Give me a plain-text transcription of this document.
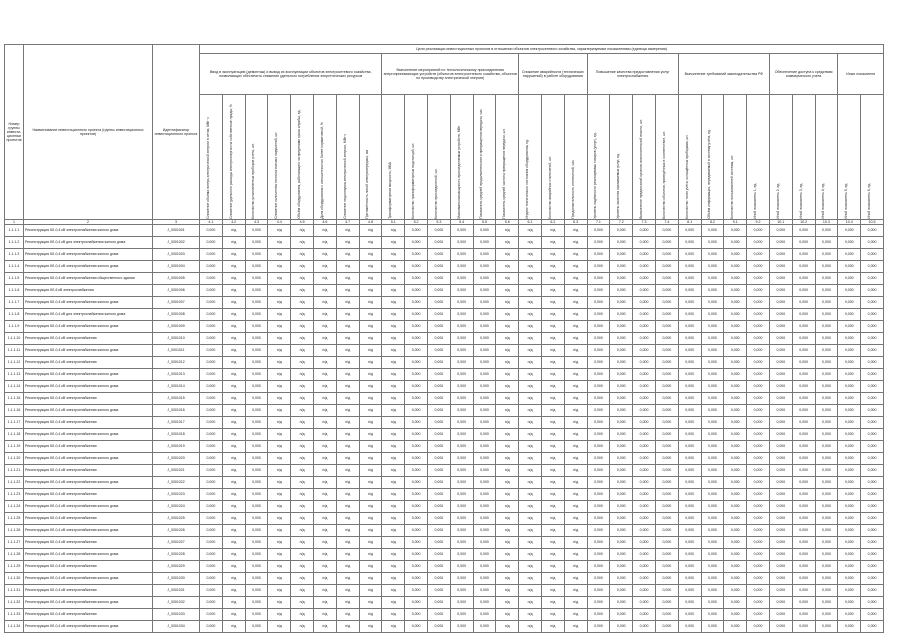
Номер группы инвести-ционных проектов	Наименование инвестиционного проекта (группы инвестиционных проектов)	Идентификатор инвестиционного проекта	Цели реализации инвестиционных проектов в отношении объектов электросетевого хозяйства, характеризуемые показателями (единица измерения)																													
			Ввод в эксплуатацию (демонтаж) и вывод из эксплуатации объектов электросетевого хозяйства, позволяющих обеспечить снижение удельного потребления энергетических ресурсов								Выполнение мероприятий по технологическому присоединению энергопринимающих устройств (объектов электросетевого хозяйства, объектов по производству электрической энергии)						Снижение аварийности (технических нарушений) в работе оборудования			Повышение качества предоставления услуг электроснабжения				Выполнение требований законодательства РФ				Обеспечение доступа к средствам коммерческого учета			Иные показатели	

			Снижение объёма потерь электрической энергии в сетях, МВт·ч	Снижение удельного расхода электроэнергии на собственные нужды, %	Количество установленных приборов учета, шт.	Снижение количества технологических нарушений, шт.	Объём оборудования, работающего за пределами срока службы, ед.	Доля оборудования с изношенностью более нормативной, %	Снижение недоотпуска электрической энергии, МВт·ч	Протяжённость линий электропередачи, км	Трансформаторная мощность, МВА	Количество трансформаторных подстанций, шт.	Количество присоединений, шт.	Максимальная мощность присоединяемых устройств, МВт	Показатель средней продолжительности прекращения передачи, час	Показатель средней частоты прекращения передачи, шт.	Индекс технического состояния оборудования, ед.	Количество аварийных отключений, шт.	Продолжительность отключений, час	Уровень надёжности реализуемых товаров (услуг), ед.	Уровень качества оказываемых услуг, ед.	Выполнение предписаний органов исполнительной власти, шт.	Количество объектов, приведённых в соответствие, шт.	Количество точек учёта, оснащённых приборами, шт.	Объём информации, передаваемой в систему учёта, ед.	Количество пользователей системы, шт.	Иной показатель 1, ед.	Иной показатель 2, ед.	Иной показатель 3, ед.	Иной показатель 4, ед.	Иной показатель 5, ед.	Иной показатель 6, ед.

1	2	3	4.1	4.2	4.3	4.4	4.5	4.6	4.7	4.8	5.1	5.2	5.3	5.4	5.5	5.6	6.1	6.2	6.3	7.1	7.2	7.3	7.4	8.1	8.2	9.1	9.2	10.1	10.2	10.3	10.4	10.5
1.1.1.1	Реконструкция КЛ-0,4 кВ электроснабжения жилого дома	J_0001001	0,000	н/д	0,000	н/д	н/д	н/д	н/д	н/д	н/д	0,000	0,000	0,000	0,000	н/д	н/д	н/д	н/д	0,000	0,000	0,000	0,000	0,000	0,000	0,000	0,000	0,000	0,000	0,000	0,000	0,000
1.1.1.2	Реконструкция КЛ-0,4 кВ для электроснабжения жилого дома	J_0001002	0,000	н/д	0,000	н/д	н/д	н/д	н/д	н/д	н/д	0,000	0,000	0,000	0,000	н/д	н/д	н/д	н/д	0,000	0,000	0,000	0,000	0,000	0,000	0,000	0,000	0,000	0,000	0,000	0,000	0,000
1.1.1.3	Реконструкция КЛ-0,4 кВ электроснабжения жилого дома	J_0001003	0,000	н/д	0,000	н/д	н/д	н/д	н/д	н/д	н/д	0,000	0,000	0,000	0,000	н/д	н/д	н/д	н/д	0,000	0,000	0,000	0,000	0,000	0,000	0,000	0,000	0,000	0,000	0,000	0,000	0,000
1.1.1.4	Реконструкция КЛ-0,4 кВ электроснабжения жилого дома	J_0001004	0,000	н/д	0,000	н/д	н/д	н/д	н/д	н/д	н/д	0,000	0,000	0,000	0,000	н/д	н/д	н/д	н/д	0,000	0,000	0,000	0,000	0,000	0,000	0,000	0,000	0,000	0,000	0,000	0,000	0,000
1.1.1.5	Реконструкция КЛ-0,4 кВ электроснабжения общественного здания	J_0001005	0,000	н/д	0,000	н/д	н/д	н/д	н/д	н/д	н/д	0,000	0,000	0,000	0,000	н/д	н/д	н/д	н/д	0,000	0,000	0,000	0,000	0,000	0,000	0,000	0,000	0,000	0,000	0,000	0,000	0,000
1.1.1.6	Реконструкция КЛ-6 кВ электроснабжения	J_0001006	0,000	н/д	0,000	н/д	н/д	н/д	н/д	н/д	н/д	0,000	0,000	0,000	0,000	н/д	н/д	н/д	н/д	0,000	0,000	0,000	0,000	0,000	0,000	0,000	0,000	0,000	0,000	0,000	0,000	0,000
1.1.1.7	Реконструкция КЛ-0,4 кВ электроснабжения жилого дома	J_0001007	0,000	н/д	0,000	н/д	н/д	н/д	н/д	н/д	н/д	0,000	0,000	0,000	0,000	н/д	н/д	н/д	н/д	0,000	0,000	0,000	0,000	0,000	0,000	0,000	0,000	0,000	0,000	0,000	0,000	0,000
1.1.1.8	Реконструкция КЛ-0,4 кВ для электроснабжения жилого дома	J_0001008	0,000	н/д	0,000	н/д	н/д	н/д	н/д	н/д	н/д	0,000	0,000	0,000	0,000	н/д	н/д	н/д	н/д	0,000	0,000	0,000	0,000	0,000	0,000	0,000	0,000	0,000	0,000	0,000	0,000	0,000
1.1.1.9	Реконструкция КЛ-0,4 кВ электроснабжения жилого дома	J_0001009	0,000	н/д	0,000	н/д	н/д	н/д	н/д	н/д	н/д	0,000	0,000	0,000	0,000	н/д	н/д	н/д	н/д	0,000	0,000	0,000	0,000	0,000	0,000	0,000	0,000	0,000	0,000	0,000	0,000	0,000
1.1.1.10	Реконструкция КЛ-0,4 кВ электроснабжения	J_0001010	0,000	н/д	0,000	н/д	н/д	н/д	н/д	н/д	н/д	0,000	0,000	0,000	0,000	н/д	н/д	н/д	н/д	0,000	0,000	0,000	0,000	0,000	0,000	0,000	0,000	0,000	0,000	0,000	0,000	0,000
1.1.1.11	Реконструкция КЛ-0,4 кВ электроснабжения жилого дома	J_0001011	0,000	н/д	0,000	н/д	н/д	н/д	н/д	н/д	н/д	0,000	0,000	0,000	0,000	н/д	н/д	н/д	н/д	0,000	0,000	0,000	0,000	0,000	0,000	0,000	0,000	0,000	0,000	0,000	0,000	0,000
1.1.1.12	Реконструкция КЛ-0,4 кВ электроснабжения	J_0001012	0,000	н/д	0,000	н/д	н/д	н/д	н/д	н/д	н/д	0,000	0,000	0,000	0,000	н/д	н/д	н/д	н/д	0,000	0,000	0,000	0,000	0,000	0,000	0,000	0,000	0,000	0,000	0,000	0,000	0,000
1.1.1.13	Реконструкция КЛ-0,4 кВ электроснабжения жилого дома	J_0001013	0,000	н/д	0,000	н/д	н/д	н/д	н/д	н/д	н/д	0,000	0,000	0,000	0,000	н/д	н/д	н/д	н/д	0,000	0,000	0,000	0,000	0,000	0,000	0,000	0,000	0,000	0,000	0,000	0,000	0,000
1.1.1.14	Реконструкция КЛ-0,4 кВ электроснабжения жилого дома	J_0001014	0,000	н/д	0,000	н/д	н/д	н/д	н/д	н/д	н/д	0,000	0,000	0,000	0,000	н/д	н/д	н/д	н/д	0,000	0,000	0,000	0,000	0,000	0,000	0,000	0,000	0,000	0,000	0,000	0,000	0,000
1.1.1.15	Реконструкция КЛ-0,4 кВ электроснабжения	J_0001015	0,000	н/д	0,000	н/д	н/д	н/д	н/д	н/д	н/д	0,000	0,000	0,000	0,000	н/д	н/д	н/д	н/д	0,000	0,000	0,000	0,000	0,000	0,000	0,000	0,000	0,000	0,000	0,000	0,000	0,000
1.1.1.16	Реконструкция КЛ-0,4 кВ электроснабжения жилого дома	J_0001016	0,000	н/д	0,000	н/д	н/д	н/д	н/д	н/д	н/д	0,000	0,000	0,000	0,000	н/д	н/д	н/д	н/д	0,000	0,000	0,000	0,000	0,000	0,000	0,000	0,000	0,000	0,000	0,000	0,000	0,000
1.1.1.17	Реконструкция КЛ-0,4 кВ электроснабжения	J_0001017	0,000	н/д	0,000	н/д	н/д	н/д	н/д	н/д	н/д	0,000	0,000	0,000	0,000	н/д	н/д	н/д	н/д	0,000	0,000	0,000	0,000	0,000	0,000	0,000	0,000	0,000	0,000	0,000	0,000	0,000
1.1.1.18	Реконструкция КЛ-0,4 кВ электроснабжения жилого дома	J_0001018	0,000	н/д	0,000	н/д	н/д	н/д	н/д	н/д	н/д	0,000	0,000	0,000	0,000	н/д	н/д	н/д	н/д	0,000	0,000	0,000	0,000	0,000	0,000	0,000	0,000	0,000	0,000	0,000	0,000	0,000
1.1.1.19	Реконструкция КЛ-0,4 кВ электроснабжения	J_0001019	0,000	н/д	0,000	н/д	н/д	н/д	н/д	н/д	н/д	0,000	0,000	0,000	0,000	н/д	н/д	н/д	н/д	0,000	0,000	0,000	0,000	0,000	0,000	0,000	0,000	0,000	0,000	0,000	0,000	0,000
1.1.1.20	Реконструкция КЛ-0,4 кВ электроснабжения жилого дома	J_0001020	0,000	н/д	0,000	н/д	н/д	н/д	н/д	н/д	н/д	0,000	0,000	0,000	0,000	н/д	н/д	н/д	н/д	0,000	0,000	0,000	0,000	0,000	0,000	0,000	0,000	0,000	0,000	0,000	0,000	0,000
1.1.1.21	Реконструкция КЛ-0,4 кВ электроснабжения	J_0001021	0,000	н/д	0,000	н/д	н/д	н/д	н/д	н/д	н/д	0,000	0,000	0,000	0,000	н/д	н/д	н/д	н/д	0,000	0,000	0,000	0,000	0,000	0,000	0,000	0,000	0,000	0,000	0,000	0,000	0,000
1.1.1.22	Реконструкция КЛ-0,4 кВ электроснабжения жилого дома	J_0001022	0,000	н/д	0,000	н/д	н/д	н/д	н/д	н/д	н/д	0,000	0,000	0,000	0,000	н/д	н/д	н/д	н/д	0,000	0,000	0,000	0,000	0,000	0,000	0,000	0,000	0,000	0,000	0,000	0,000	0,000
1.1.1.23	Реконструкция КЛ-0,4 кВ электроснабжения	J_0001023	0,000	н/д	0,000	н/д	н/д	н/д	н/д	н/д	н/д	0,000	0,000	0,000	0,000	н/д	н/д	н/д	н/д	0,000	0,000	0,000	0,000	0,000	0,000	0,000	0,000	0,000	0,000	0,000	0,000	0,000
1.1.1.24	Реконструкция КЛ-0,4 кВ электроснабжения жилого дома	J_0001024	0,000	н/д	0,000	н/д	н/д	н/д	н/д	н/д	н/д	0,000	0,000	0,000	0,000	н/д	н/д	н/д	н/д	0,000	0,000	0,000	0,000	0,000	0,000	0,000	0,000	0,000	0,000	0,000	0,000	0,000
1.1.1.25	Реконструкция КЛ-0,4 кВ электроснабжения	J_0001025	0,000	н/д	0,000	н/д	н/д	н/д	н/д	н/д	н/д	0,000	0,000	0,000	0,000	н/д	н/д	н/д	н/д	0,000	0,000	0,000	0,000	0,000	0,000	0,000	0,000	0,000	0,000	0,000	0,000	0,000
1.1.1.26	Реконструкция КЛ-0,4 кВ электроснабжения жилого дома	J_0001026	0,000	н/д	0,000	н/д	н/д	н/д	н/д	н/д	н/д	0,000	0,000	0,000	0,000	н/д	н/д	н/д	н/д	0,000	0,000	0,000	0,000	0,000	0,000	0,000	0,000	0,000	0,000	0,000	0,000	0,000
1.1.1.27	Реконструкция КЛ-0,4 кВ электроснабжения	J_0001027	0,000	н/д	0,000	н/д	н/д	н/д	н/д	н/д	н/д	0,000	0,000	0,000	0,000	н/д	н/д	н/д	н/д	0,000	0,000	0,000	0,000	0,000	0,000	0,000	0,000	0,000	0,000	0,000	0,000	0,000
1.1.1.28	Реконструкция КЛ-0,4 кВ электроснабжения жилого дома	J_0001028	0,000	н/д	0,000	н/д	н/д	н/д	н/д	н/д	н/д	0,000	0,000	0,000	0,000	н/д	н/д	н/д	н/д	0,000	0,000	0,000	0,000	0,000	0,000	0,000	0,000	0,000	0,000	0,000	0,000	0,000
1.1.1.29	Реконструкция КЛ-0,4 кВ электроснабжения	J_0001029	0,000	н/д	0,000	н/д	н/д	н/д	н/д	н/д	н/д	0,000	0,000	0,000	0,000	н/д	н/д	н/д	н/д	0,000	0,000	0,000	0,000	0,000	0,000	0,000	0,000	0,000	0,000	0,000	0,000	0,000
1.1.1.30	Реконструкция КЛ-0,4 кВ электроснабжения жилого дома	J_0001030	0,000	н/д	0,000	н/д	н/д	н/д	н/д	н/д	н/д	0,000	0,000	0,000	0,000	н/д	н/д	н/д	н/д	0,000	0,000	0,000	0,000	0,000	0,000	0,000	0,000	0,000	0,000	0,000	0,000	0,000
1.1.1.31	Реконструкция КЛ-0,4 кВ электроснабжения	J_0001031	0,000	н/д	0,000	н/д	н/д	н/д	н/д	н/д	н/д	0,000	0,000	0,000	0,000	н/д	н/д	н/д	н/д	0,000	0,000	0,000	0,000	0,000	0,000	0,000	0,000	0,000	0,000	0,000	0,000	0,000
1.1.1.32	Реконструкция КЛ-0,4 кВ электроснабжения жилого дома	J_0001032	0,000	н/д	0,000	н/д	н/д	н/д	н/д	н/д	н/д	0,000	0,000	0,000	0,000	н/д	н/д	н/д	н/д	0,000	0,000	0,000	0,000	0,000	0,000	0,000	0,000	0,000	0,000	0,000	0,000	0,000
1.1.1.33	Реконструкция КЛ-0,4 кВ электроснабжения	J_0001033	0,000	н/д	0,000	н/д	н/д	н/д	н/д	н/д	н/д	0,000	0,000	0,000	0,000	н/д	н/д	н/д	н/д	0,000	0,000	0,000	0,000	0,000	0,000	0,000	0,000	0,000	0,000	0,000	0,000	0,000
1.1.1.34	Реконструкция КЛ-0,4 кВ электроснабжения жилого дома	J_0001034	0,000	н/д	0,000	н/д	н/д	н/д	н/д	н/д	н/д	0,000	0,000	0,000	0,000	н/д	н/д	н/д	н/д	0,000	0,000	0,000	0,000	0,000	0,000	0,000	0,000	0,000	0,000	0,000	0,000	0,000
